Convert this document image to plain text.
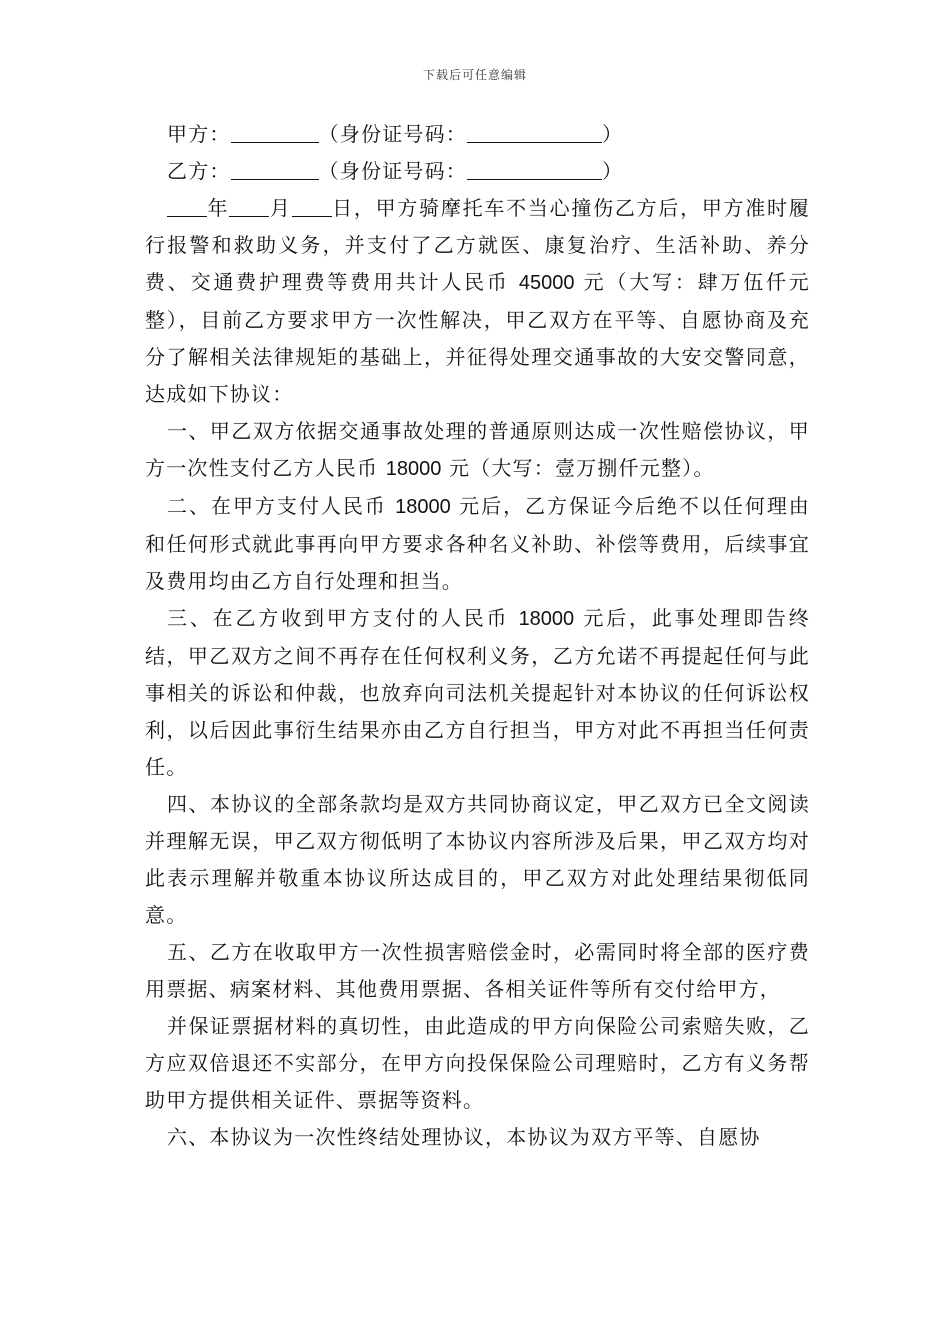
下载后可任意编辑

甲方：	（身份证号码：	）

乙方：	（身份证号码：	）

年 月 日，甲方骑摩托车不当心撞伤乙方后，甲方准时履行报警和救助义务，并支付了乙方就医、康复治疗、生活补助、养分费、交通费护理费等费用共计人民币 45000 元（大写：肆万伍仟元整），目前乙方要求甲方一次性解决，甲乙双方在平等、自愿协商及充分了解相关法律规矩的基础上，并征得处理交通事故的大安交警同意，达成如下协议：

一、甲乙双方依据交通事故处理的普通原则达成一次性赔偿协议，甲方一次性支付乙方人民币 18000 元（大写：壹万捌仟元整）。

二、在甲方支付人民币 18000 元后，乙方保证今后绝不以任何理由和任何形式就此事再向甲方要求各种名义补助、补偿等费用，后续事宜及费用均由乙方自行处理和担当。

三、在乙方收到甲方支付的人民币 18000 元后，此事处理即告终结，甲乙双方之间不再存在任何权利义务，乙方允诺不再提起任何与此事相关的诉讼和仲裁，也放弃向司法机关提起针对本协议的任何诉讼权利，以后因此事衍生结果亦由乙方自行担当，甲方对此不再担当任何责任。

四、本协议的全部条款均是双方共同协商议定，甲乙双方已全文阅读并理解无误，甲乙双方彻低明了本协议内容所涉及后果，甲乙双方均对此表示理解并敬重本协议所达成目的，甲乙双方对此处理结果彻低同意。

五、乙方在收取甲方一次性损害赔偿金时，必需同时将全部的医疗费用票据、病案材料、其他费用票据、各相关证件等所有交付给甲方，

并保证票据材料的真切性，由此造成的甲方向保险公司索赔失败，乙方应双倍退还不实部分，在甲方向投保保险公司理赔时，乙方有义务帮助甲方提供相关证件、票据等资料。

六、本协议为一次性终结处理协议，本协议为双方平等、自愿协
